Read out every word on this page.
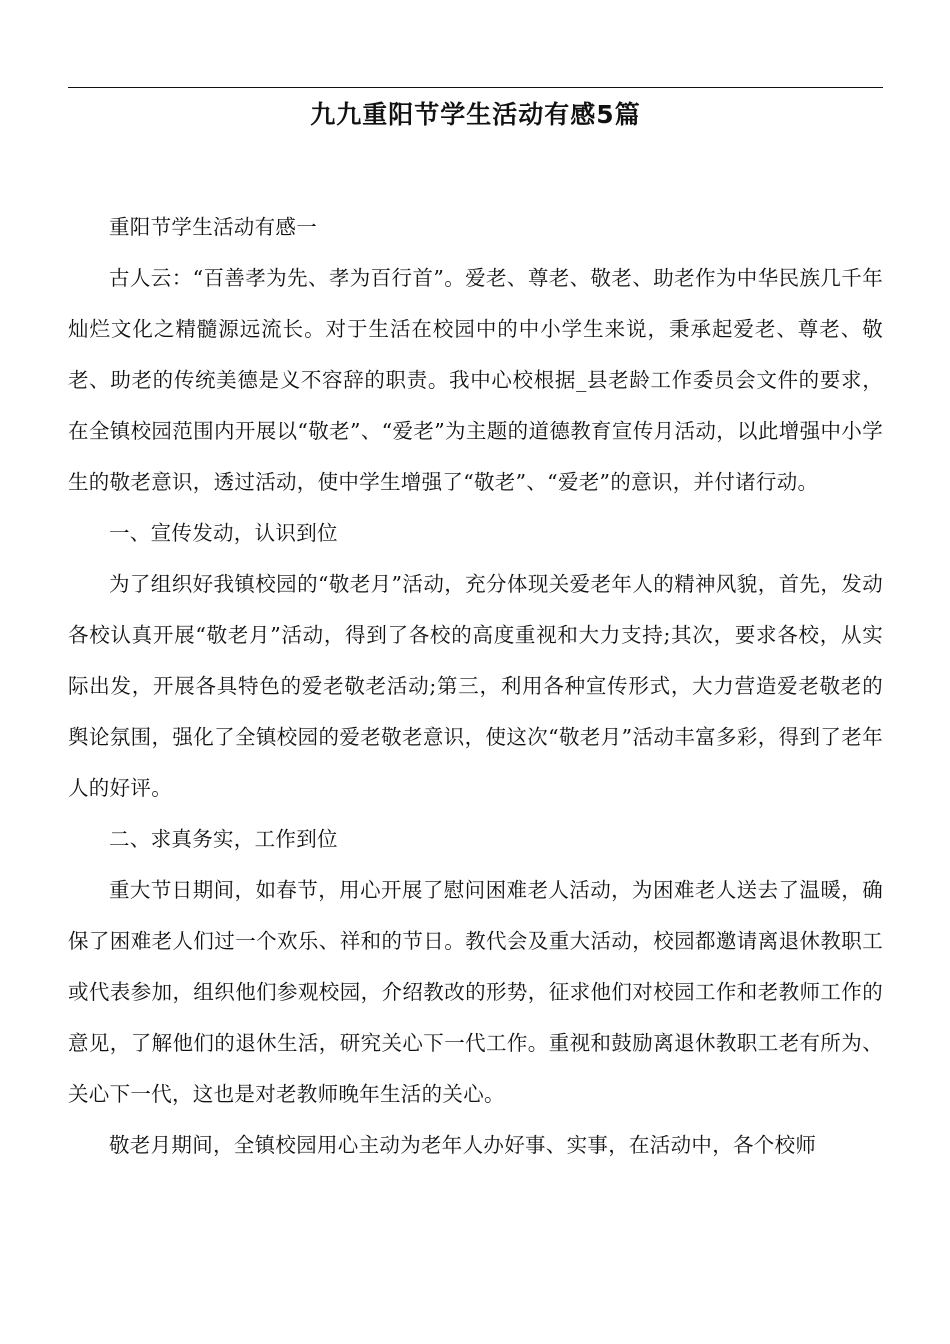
九九重阳节学生活动有感5篇

重阳节学生活动有感一

古人云：“百善孝为先、孝为百行首”。爱老、尊老、敬老、助老作为中华民族几千年灿烂文化之精髓源远流长。对于生活在校园中的中小学生来说，秉承起爱老、尊老、敬老、助老的传统美德是义不容辞的职责。我中心校根据_县老龄工作委员会文件的要求，在全镇校园范围内开展以“敬老”、“爱老”为主题的道德教育宣传月活动，以此增强中小学生的敬老意识，透过活动，使中学生增强了“敬老”、“爱老”的意识，并付诸行动。

一、宣传发动，认识到位

为了组织好我镇校园的“敬老月”活动，充分体现关爱老年人的精神风貌，首先，发动各校认真开展“敬老月”活动，得到了各校的高度重视和大力支持;其次，要求各校，从实际出发，开展各具特色的爱老敬老活动;第三，利用各种宣传形式，大力营造爱老敬老的舆论氛围，强化了全镇校园的爱老敬老意识，使这次“敬老月”活动丰富多彩，得到了老年人的好评。

二、求真务实，工作到位

重大节日期间，如春节，用心开展了慰问困难老人活动，为困难老人送去了温暖，确保了困难老人们过一个欢乐、祥和的节日。教代会及重大活动，校园都邀请离退休教职工或代表参加，组织他们参观校园，介绍教改的形势，征求他们对校园工作和老教师工作的意见，了解他们的退休生活，研究关心下一代工作。重视和鼓励离退休教职工老有所为、关心下一代，这也是对老教师晚年生活的关心。

敬老月期间，全镇校园用心主动为老年人办好事、实事，在活动中，各个校师
